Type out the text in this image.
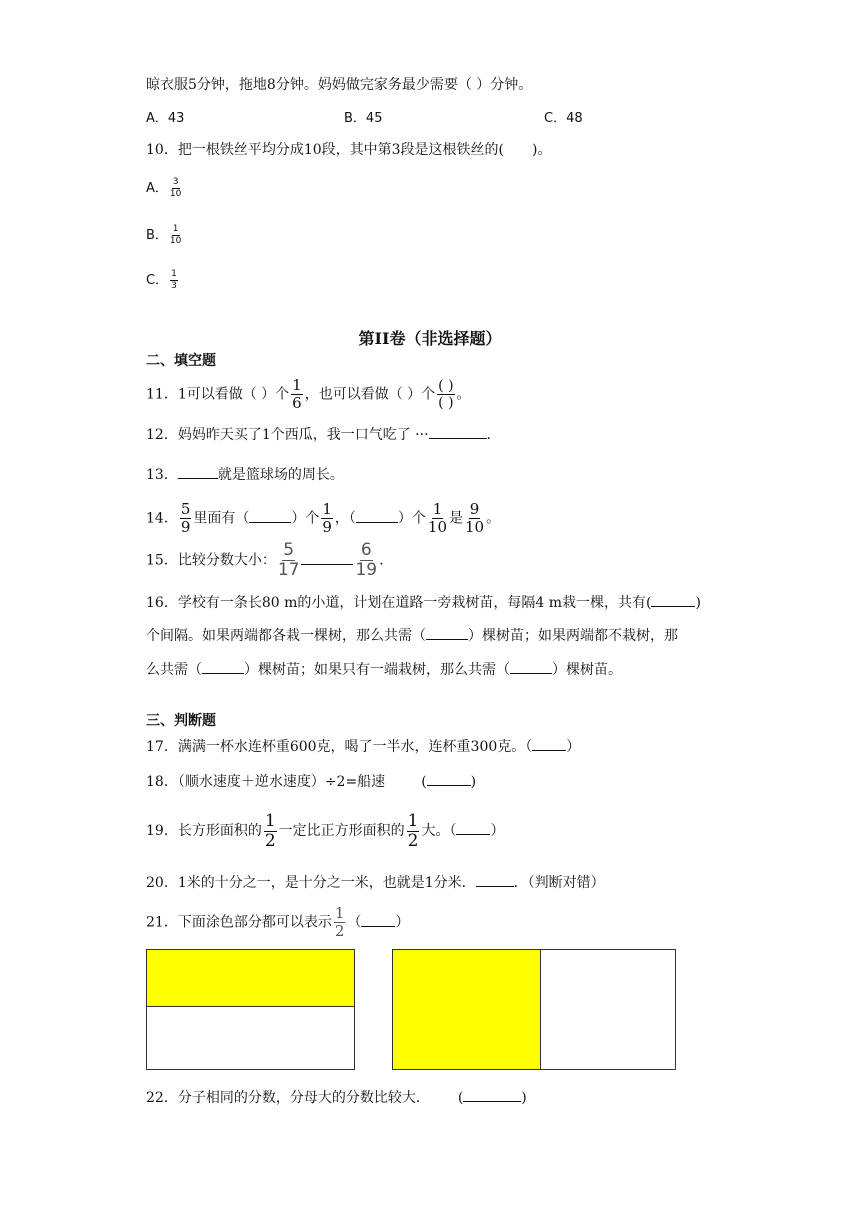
晾衣服5分钟，拖地8分钟。妈妈做完家务最少需要（ ）分钟。
A．43	B．45	C．48
10．把一根铁丝平均分成10段，其中第3段是这根铁丝的(　　)。
A． $\frac{3}{10}$
B． $\frac{1}{10}$
C． $\frac{1}{3}$
第II卷（非选择题）
二、填空题
11．1可以看做（ ）个 $\frac{1}{6}$ ，也可以看做（ ）个 $\frac{( )}{( )}$ 。
12．妈妈昨天买了1个西瓜，我一口气吃了 ···	.
13．	就是篮球场的周长。
14． $\frac{5}{9}$ 里面有（	）个 $\frac{1}{9}$ ，（	）个 $\frac{1}{10}$ 是 $\frac{9}{10}$ 。
15．比较分数大小： $\frac{5}{17}$	$\frac{6}{19}$ .
16．学校有一条长80 m的小道，计划在道路一旁栽树苗，每隔4 m栽一棵，共有(	)
个间隔。如果两端都各栽一棵树，那么共需（	）棵树苗；如果两端都不栽树，那
么共需（	）棵树苗；如果只有一端栽树，那么共需（	）棵树苗。
三、判断题
17．满满一杯水连杯重600克，喝了一半水，连杯重300克。（ ）
18．（顺水速度＋逆水速度）÷2=船速	(	)
19．长方形面积的 $\frac{1}{2}$ 一定比正方形面积的 $\frac{1}{2}$ 大。（ ）
20．1米的十分之一，是十分之一米，也就是1分米．	．（判断对错）
21．下面涂色部分都可以表示 $\frac{1}{2}$ （ ）
22．分子相同的分数，分母大的分数比较大． (	)
